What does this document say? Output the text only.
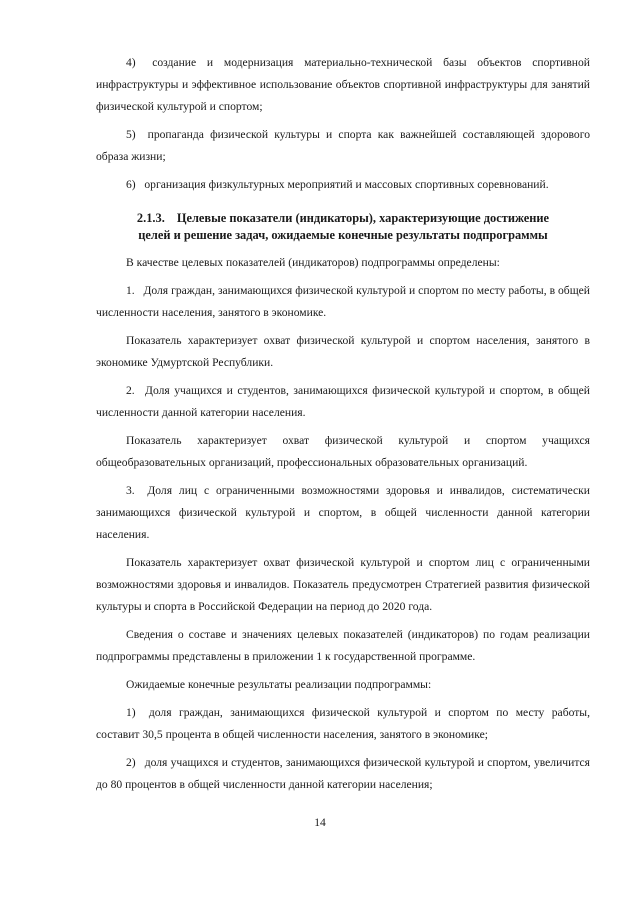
4)  создание и модернизация материально-технической базы объектов спортивной инфраструктуры и эффективное использование объектов спортивной инфраструктуры для занятий физической культурой и спортом;

5)  пропаганда физической культуры и спорта как важнейшей составляющей здорового образа жизни;

6)  организация физкультурных мероприятий и массовых спортивных соревнований.

2.1.3. Целевые показатели (индикаторы), характеризующие достижение целей и решение задач, ожидаемые конечные результаты подпрограммы

В качестве целевых показателей (индикаторов) подпрограммы определены:

1.  Доля граждан, занимающихся физической культурой и спортом по месту работы, в общей численности населения, занятого в экономике.

Показатель характеризует охват физической культурой и спортом населения, занятого в экономике Удмуртской Республики.

2.  Доля учащихся и студентов, занимающихся физической культурой и спортом, в общей численности данной категории населения.

Показатель характеризует охват физической культурой и спортом учащихся общеобразовательных организаций, профессиональных образовательных организаций.

3.  Доля лиц с ограниченными возможностями здоровья и инвалидов, систематически занимающихся физической культурой и спортом, в общей численности данной категории населения.

Показатель характеризует охват физической культурой и спортом лиц с ограниченными возможностями здоровья и инвалидов. Показатель предусмотрен Стратегией развития физической культуры и спорта в Российской Федерации на период до 2020 года.

Сведения о составе и значениях целевых показателей (индикаторов) по годам реализации подпрограммы представлены в приложении 1 к государственной программе.

Ожидаемые конечные результаты реализации подпрограммы:

1)  доля граждан, занимающихся физической культурой и спортом по месту работы, составит 30,5 процента в общей численности населения, занятого в экономике;

2)  доля учащихся и студентов, занимающихся физической культурой и спортом, увеличится до 80 процентов в общей численности данной категории населения;

14
